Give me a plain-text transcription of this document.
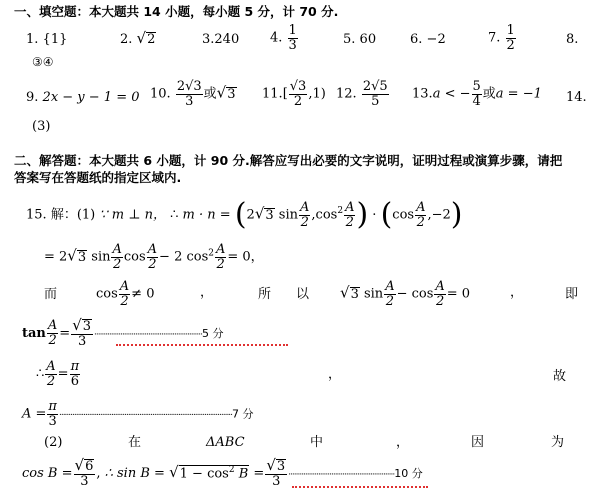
一、填空题：本大题共 14 小题，每小题 5 分，计 70 分.
1. {1}	2. √2	3.240 4. $\frac{1}{3}$	5. 60	6. −2	7. $\frac{1}{2}$	8.
③④
9. 2x − y − 1 = 0 10. $\frac{2√3}{3}$ 或√3 $11.[ \frac{√3}{2} ,1)$ 12. $\frac{2√5}{5} 13.a$ < − $\frac{5}{4}$ 或a = −1 14.
(3)
二、解答题：本大题共 6 小题，计 90 分.解答应写出必要的文字说明，证明过程或演算步骤，请把
答案写在答题纸的指定区域内.
15. 解：(1) ∵ m ⊥ n， ∴ m · n = (2√3 $\sin \frac{A}{2} ,\cos^2 \frac{A}{2}$ ) · $(\cos \frac{A}{2} ,-2)$
= 2√3 $\sin \frac{A}{2}$ $\cos \frac{A}{2} - 2$ $\cos^2 \frac{A}{2} = 0$，
而	$\cos \frac{A}{2} \ne 0$	，	所 以 √3 $\sin \frac{A}{2} - \cos \frac{A}{2} = 0$	，	即
$\tan \frac{A}{2} = \frac{√3}{3} \cdot\cdot\cdot\cdot\cdot\cdot\cdot\cdot\cdot\cdot\cdot\cdot\cdot\cdot\cdot\cdot\cdot\cdot\cdot\cdot\cdot\cdot\cdot\cdot\cdot\cdot\cdot\cdot\cdot\cdot\cdot\cdot\cdot\cdot\cdot\cdot\cdot\cdot\cdot\cdot\cdot\cdot\cdot\cdot\cdot\cdot\cdot\cdot\cdot\cdot\cdot\cdot\cdot\cdot\cdot\cdot\cdot\cdot 5$ 分
∴ $\frac{A}{2} = \frac{\pi}{6}$	，	故
$A = \frac{\pi}{3} \cdot\cdot\cdot\cdot\cdot\cdot\cdot\cdot\cdot\cdot\cdot\cdot\cdot\cdot\cdot\cdot\cdot\cdot\cdot\cdot\cdot\cdot\cdot\cdot\cdot\cdot\cdot\cdot\cdot\cdot\cdot\cdot\cdot\cdot\cdot\cdot\cdot\cdot\cdot\cdot\cdot\cdot\cdot\cdot\cdot\cdot\cdot\cdot\cdot\cdot\cdot\cdot\cdot\cdot\cdot\cdot\cdot\cdot\cdot\cdot\cdot\cdot\cdot\cdot\cdot\cdot\cdot\cdot\cdot\cdot\cdot\cdot\cdot\cdot\cdot\cdot\cdot\cdot\cdot\cdot\cdot\cdot\cdot\cdot\cdot\cdot\cdot\cdot\cdot\cdot\cdot\cdot\cdot 7$ 分
(2)	在	ΔABC	中	，	因	为
$\cos B = \frac{√6}{3}$ , ∴ $\sin B = √1 - \cos^2 B = \frac{√3}{3} \cdot\cdot\cdot\cdot\cdot\cdot\cdot\cdot\cdot\cdot\cdot\cdot\cdot\cdot\cdot\cdot\cdot\cdot\cdot\cdot\cdot\cdot\cdot\cdot\cdot\cdot\cdot\cdot\cdot\cdot\cdot\cdot\cdot\cdot\cdot\cdot\cdot\cdot\cdot\cdot\cdot\cdot\cdot\cdot\cdot\cdot\cdot\cdot\cdot\cdot\cdot\cdot\cdot\cdot\cdot\cdot\cdot 10$ 分
